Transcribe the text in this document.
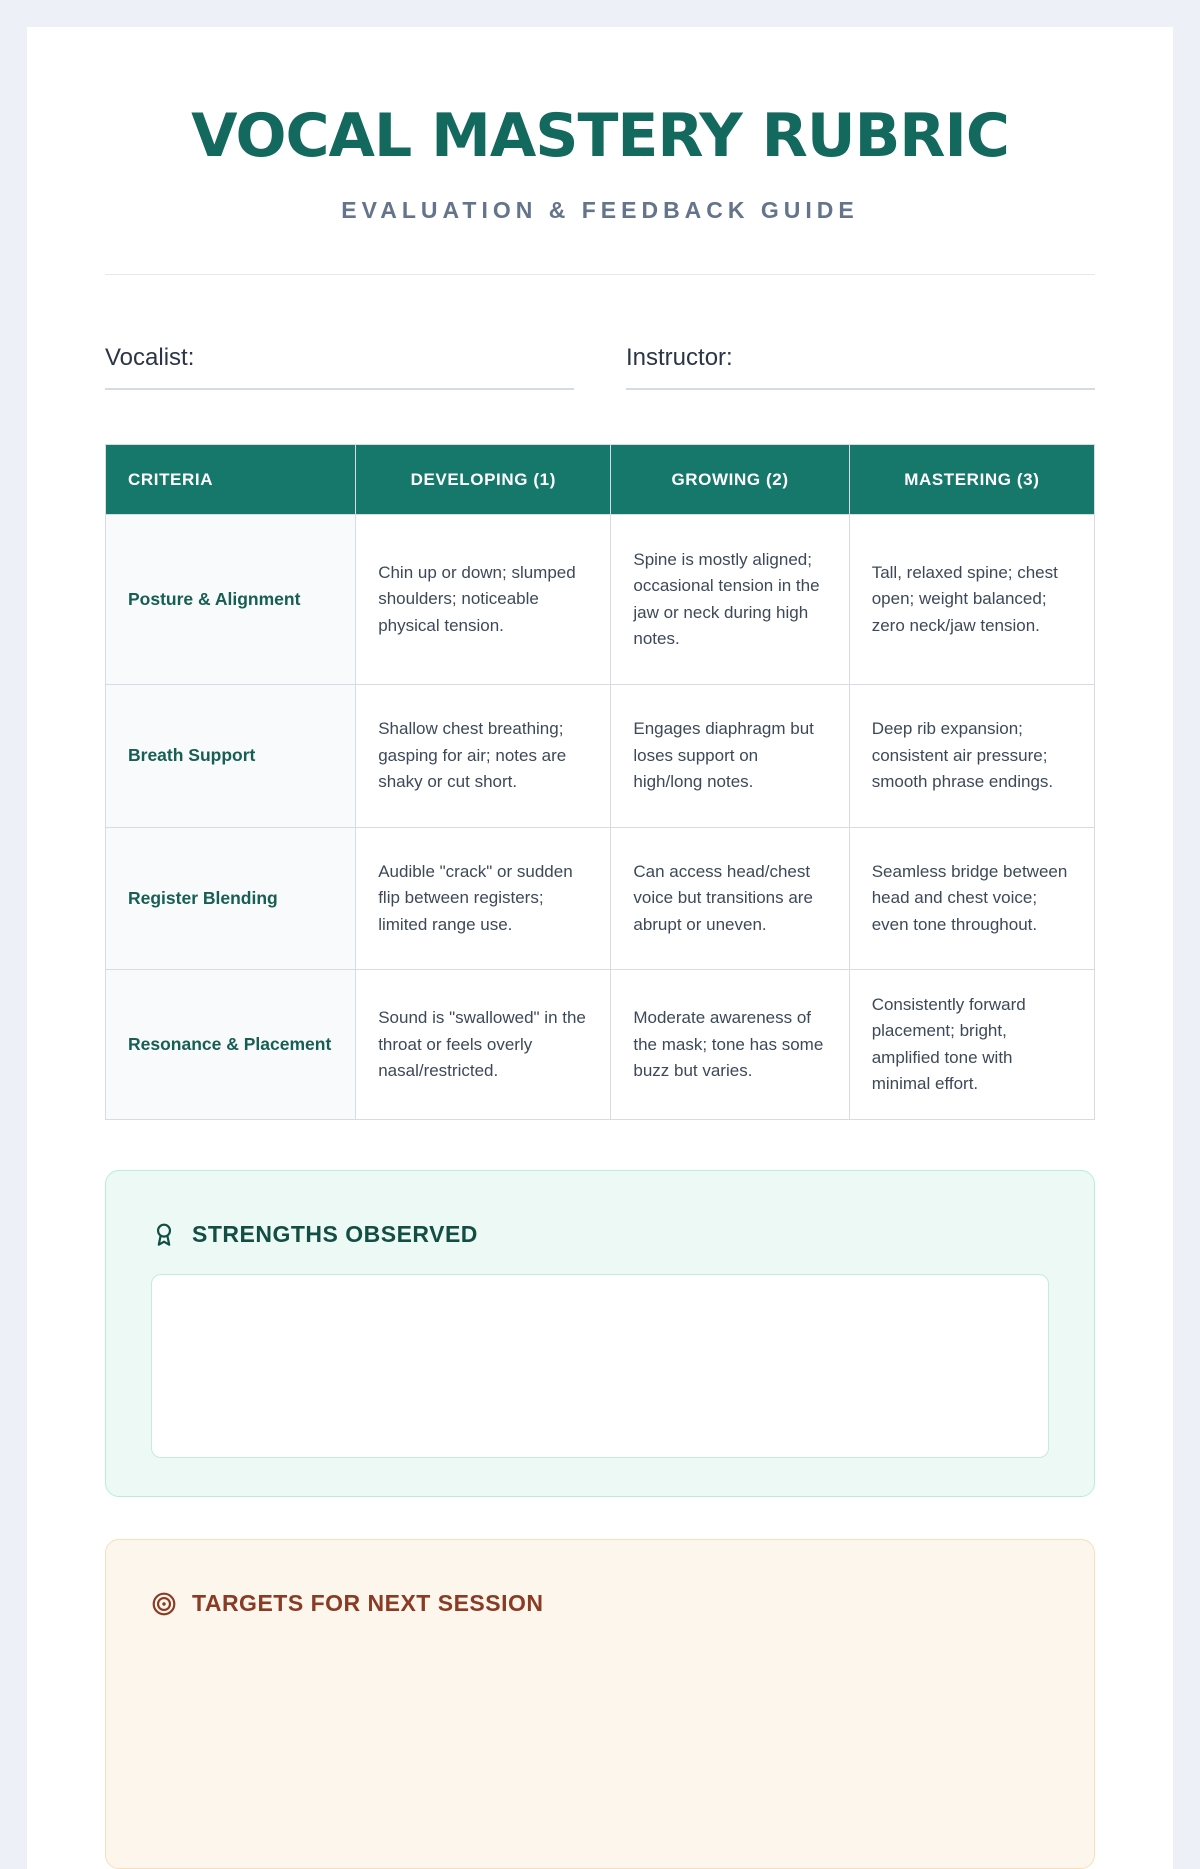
VOCAL MASTERY RUBRIC
EVALUATION & FEEDBACK GUIDE
Vocalist:	Instructor:
CRITERIA	DEVELOPING (1)	GROWING (2)	MASTERING (3)
Posture & Alignment	Chin up or down; slumped shoulders; noticeable physical tension.	Spine is mostly aligned; occasional tension in the jaw or neck during high notes.	Tall, relaxed spine; chest open; weight balanced; zero neck/jaw tension.
Breath Support	Shallow chest breathing; gasping for air; notes are shaky or cut short.	Engages diaphragm but loses support on high/long notes.	Deep rib expansion; consistent air pressure; smooth phrase endings.
Register Blending	Audible "crack" or sudden flip between registers; limited range use.	Can access head/chest voice but transitions are abrupt or uneven.	Seamless bridge between head and chest voice; even tone throughout.
Resonance & Placement	Sound is "swallowed" in the throat or feels overly nasal/restricted.	Moderate awareness of the mask; tone has some buzz but varies.	Consistently forward placement; bright, amplified tone with minimal effort.
STRENGTHS OBSERVED
TARGETS FOR NEXT SESSION
